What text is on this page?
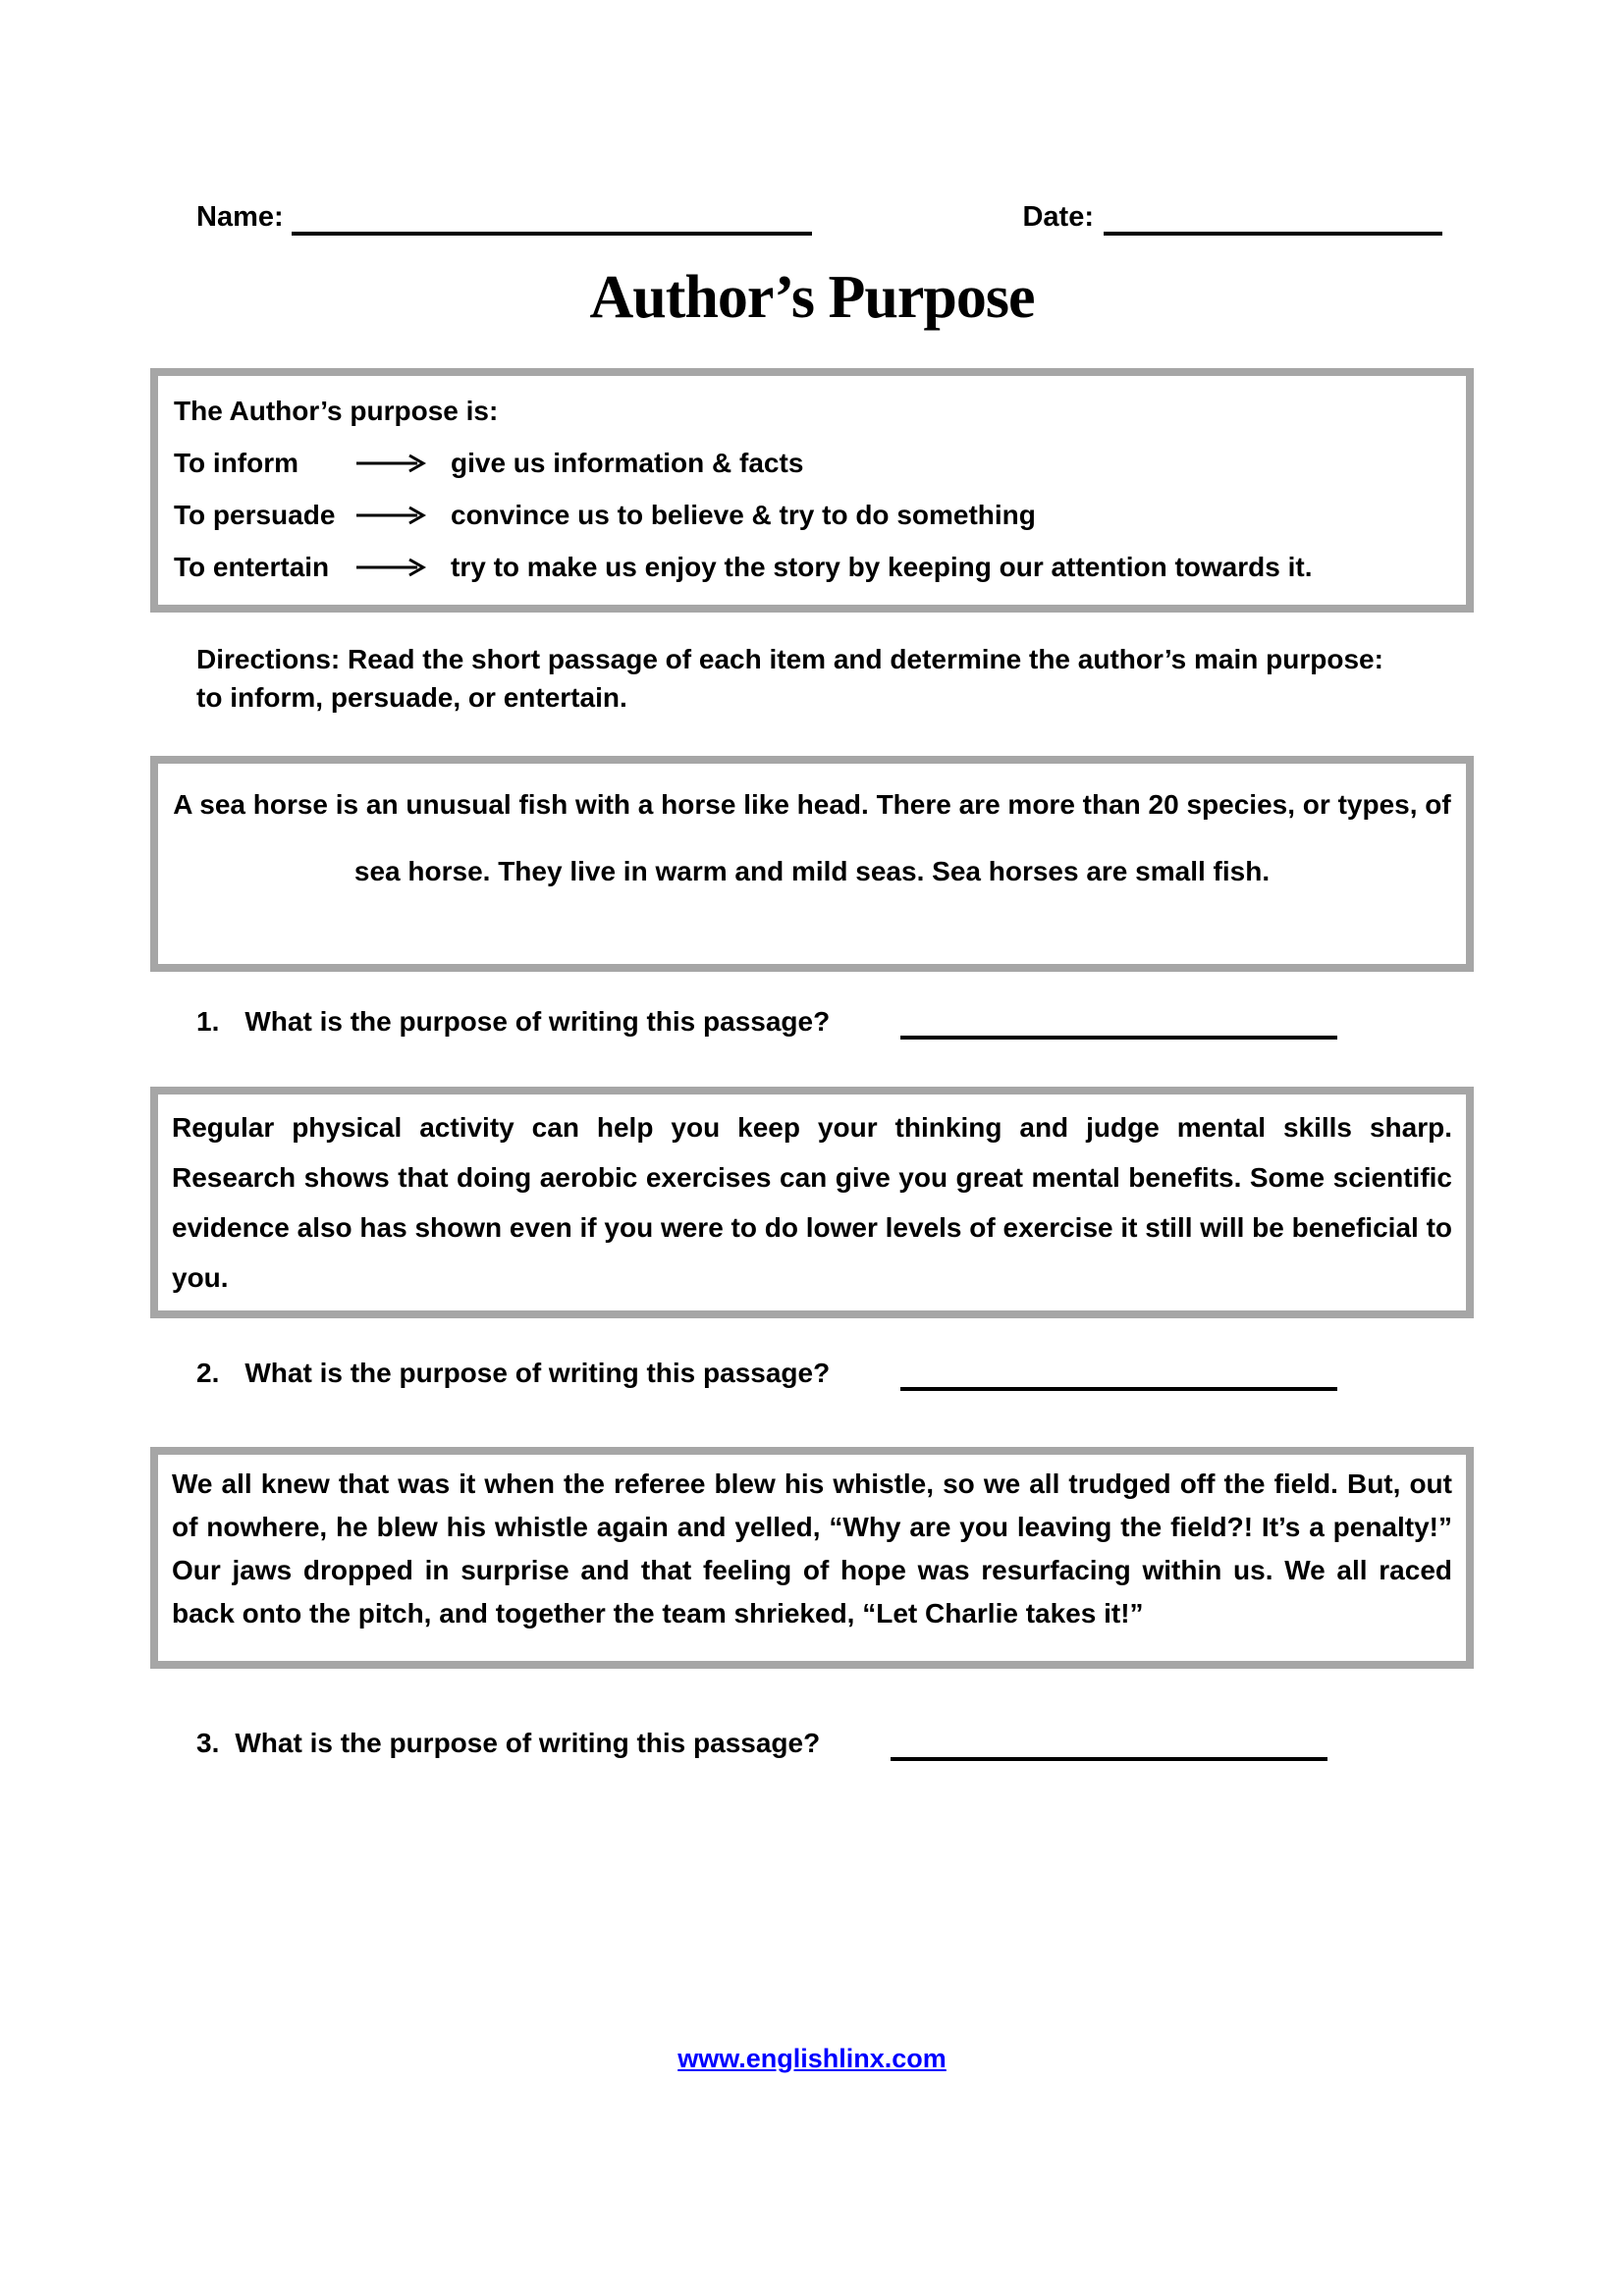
Name:	Date:
Author’s Purpose
The Author’s purpose is:
To inform	give us information & facts
To persuade	convince us to believe & try to do something
To entertain	try to make us enjoy the story by keeping our attention towards it.
Directions: Read the short passage of each item and determine the author’s main purpose: to inform, persuade, or entertain.
A sea horse is an unusual fish with a horse like head. There are more than 20 species, or types, of sea horse. They live in warm and mild seas. Sea horses are small fish.
1. What is the purpose of writing this passage?
Regular physical activity can help you keep your thinking and judge mental skills sharp. Research shows that doing aerobic exercises can give you great mental benefits. Some scientific evidence also has shown even if you were to do lower levels of exercise it still will be beneficial to you.
2. What is the purpose of writing this passage?
We all knew that was it when the referee blew his whistle, so we all trudged off the field. But, out of nowhere, he blew his whistle again and yelled, “Why are you leaving the field?! It’s a penalty!” Our jaws dropped in surprise and that feeling of hope was resurfacing within us. We all raced back onto the pitch, and together the team shrieked, “Let Charlie takes it!”
3. What is the purpose of writing this passage?
www.englishlinx.com
